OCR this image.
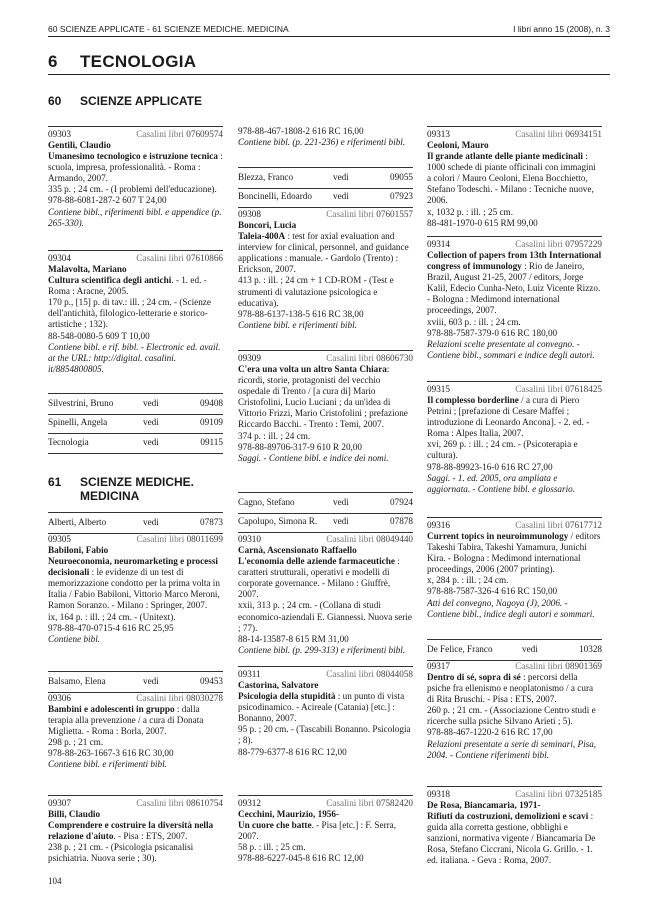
60 SCIENZE APPLICATE - 61 SCIENZE MEDICHE. MEDICINA	I libri anno 15 (2008), n. 3
6 TECNOLOGIA
60 SCIENZE APPLICATE
09303	Casalini libri 07609574
Gentili, Claudio
Umanesimo tecnologico e istruzione tecnica : scuola, impresa, professionalità. - Roma : Armando, 2007.
335 p. ; 24 cm. - (I problemi dell'educazione).
978-88-6081-287-2 607 T 24,00
Contiene bibl., riferimenti bibl. e appendice (p. 265-330).
09304	Casalini libri 07610866
Malavolta, Mariano
Cultura scientifica degli antichi. - 1. ed. - Roma : Aracne, 2005.
170 p., [15] p. di tav.: ill. ; 24 cm. - (Scienze dell'antichità, filologico-letterarie e storico-artistiche ; 132).
88-548-0080-5 609 T 10,00
Contiene bibl. e rif. bibl. - Electronic ed. avail. at the URL: http://digital. casalini. it/8854800805.
Silvestrini, Bruno	vedi	09408
Spinelli, Angela	vedi	09109
Tecnologia	vedi	09115
Alberti, Alberto	vedi	07873
09305	Casalini libri 08011699
Babiloni, Fabio
Neuroeconomia, neuromarketing e processi decisionali : le evidenze di un test di memorizzazione condotto per la prima volta in Italia / Fabio Babiloni, Vittorio Marco Meroni, Ramon Soranzo. - Milano : Springer, 2007.
ix, 164 p. : ill. ; 24 cm. - (Unitext).
978-88-470-0715-4 616 RC 25,95
Contiene bibl.
Balsamo, Elena	vedi	09453
09306	Casalini libri 08030278
Bambini e adolescenti in gruppo : dalla terapia alla prevenzione / a cura di Donata Miglietta. - Roma : Borla, 2007.
298 p. ; 21 cm.
978-88-263-1667-3 616 RC 30,00
Contiene bibl. e riferimenti bibl.
09307	Casalini libri 08610754
Billi, Claudio
Comprendere e costruire la diversità nella relazione d'aiuto. - Pisa : ETS, 2007.
238 p. ; 21 cm. - (Psicologia psicanalisi psichiatria. Nuova serie ; 30).
61 SCIENZE MEDICHE. MEDICINA
978-88-467-1808-2 616 RC 16,00
Contiene bibl. (p. 221-236) e riferimenti bibl.
Blezza, Franco	vedi	09055
Boncinelli, Edoardo vedi	07923
09308	Casalini libri 07601557
Boncori, Lucia
Taleia-400A : test for axial evaluation and interview for clinical, personnel, and guidance applications : manuale. - Gardolo (Trento) : Erickson, 2007.
413 p. : ill. ; 24 cm + 1 CD-ROM - (Test e strumenti di valutazione psicologica e educativa).
978-88-6137-138-5 616 RC 38,00
Contiene bibl. e riferimenti bibl.
09309	Casalini libri 08606730
C'era una volta un altro Santa Chiara: ricordi, storie, protagonisti del vecchio ospedale di Trento / [a cura di] Mario Cristofolini, Lucio Luciani ; da un'idea di Vittorio Frizzi, Mario Cristofolini ; prefazione Riccardo Bacchi. - Trento : Temi, 2007.
374 p. : ill. ; 24 cm.
978-88-89706-317-9 610 R 20,00
Saggi. - Contiene bibl. e indice dei nomi.
Cagno, Stefano	vedi	07924
Capolupo, Simona R. vedi	07878
09310	Casalini libri 08049440
Carnà, Ascensionato Raffaello
L'economia delle aziende farmaceutiche : caratteri strutturali, operativi e modelli di corporate governance. - Milano : Giuffrè, 2007.
xxii, 313 p. ; 24 cm. - (Collana di studi economico-aziendali E. Giannessi. Nuova serie ; 77).
88-14-13587-8 615 RM 31,00
Contiene bibl. (p. 299-313) e riferimenti bibl.
09311	Casalini libri 08044058
Castorina, Salvatore
Psicologia della stupidità : un punto di vista psicodinamico. - Acireale (Catania) [etc.] : Bonanno, 2007.
95 p. ; 20 cm. - (Tascabili Bonanno. Psicologia ; 8).
88-779-6377-8 616 RC 12,00
09312	Casalini libri 07582420
Cecchini, Maurizio, 1956-
Un cuore che batte. - Pisa [etc.] : F. Serra, 2007.
58 p. : ill. ; 25 cm.
978-88-6227-045-8 616 RC 12,00
09313	Casalini libri 06934151
Ceoloni, Mauro
Il grande atlante delle piante medicinali : 1000 schede di piante officinali con immagini a colori / Mauro Ceoloni, Elena Bocchietto, Stefano Todeschi. - Milano : Tecniche nuove, 2006.
x, 1032 p. : ill. ; 25 cm.
88-481-1970-0 615 RM 99,00
09314	Casalini libri 07957229
Collection of papers from 13th International congress of immunology : Rio de Janeiro, Brazil, August 21-25, 2007 / editors, Jorge Kalil, Edecio Cunha-Neto, Luiz Vicente Rizzo. - Bologna : Medimond international proceedings, 2007.
xviii, 603 p. : ill. ; 24 cm.
978-88-7587-379-0 616 RC 180,00
Relazioni scelte presentate al convegno. - Contiene bibl., sommari e indice degli autori.
09315	Casalini libri 07618425
Il complesso borderline / a cura di Piero Petrini ; [prefazione di Cesare Maffei ; introduzione di Leonardo Ancona]. - 2. ed. - Roma : Alpes Italia, 2007.
xvi, 269 p. : ill. ; 24 cm. - (Psicoterapia e cultura).
978-88-89923-16-0 616 RC 27,00
Saggi. - 1. ed. 2005, ora ampliata e aggiornata. - Contiene bibl. e glossario.
09316	Casalini libri 07617712
Current topics in neuroimmunology / editors Takeshi Tabira, Takeshi Yamamura, Junichi Kira. - Bologna : Medimond international proceedings, 2006 (2007 printing).
x, 284 p. : ill. ; 24 cm.
978-88-7587-326-4 616 RC 150,00
Atti del convegno, Nagoya (J), 2006. - Contiene bibl., indice degli autori e sommari.
De Felice, Franco	vedi	10328
09317	Casalini libri 08901369
Dentro di sé, sopra di sé : percorsi della psiche fra ellenismo e neoplatonismo / a cura di Rita Bruschi. - Pisa : ETS, 2007.
260 p. ; 21 cm. - (Associazione Centro studi e ricerche sulla psiche Silvano Arieti ; 5).
978-88-467-1220-2 616 RC 17,00
Relazioni presentate a serie di seminari, Pisa, 2004. - Contiene riferimenti bibl.
09318	Casalini libri 07325185
De Rosa, Biancamaria, 1971-
Rifiuti da costruzioni, demolizioni e scavi : guida alla corretta gestione, obblighi e sanzioni, normativa vigente / Biancamaria De Rosa, Stefano Ciccrani, Nicola G. Grillo. - 1. ed. italiana. - Geva : Roma, 2007.
104
